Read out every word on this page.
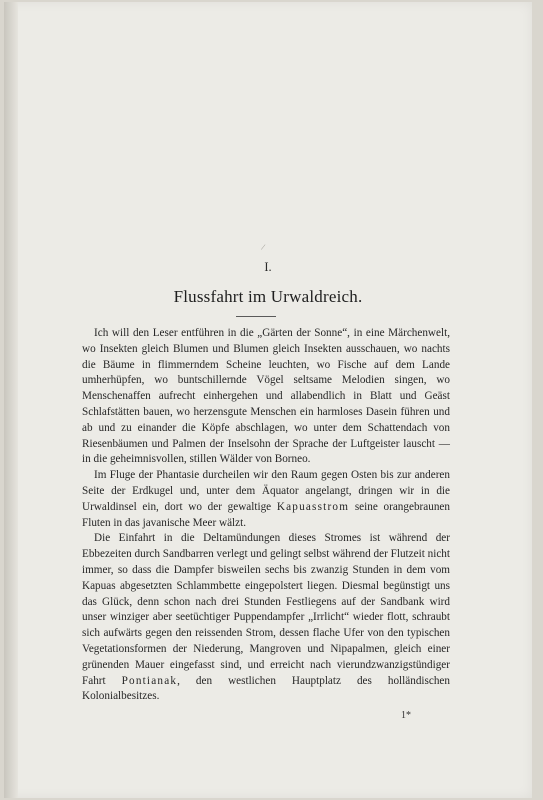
/
I.
Flussfahrt im Urwaldreich.

Ich will den Leser entführen in die „Gärten der Sonne“, in eine Märchenwelt, wo Insekten gleich Blumen und Blumen gleich Insekten ausschauen, wo nachts die Bäume in flimmerndem Scheine leuchten, wo Fische auf dem Lande umherhüpfen, wo buntschillernde Vögel seltsame Melodien singen, wo Menschenaffen aufrecht einhergehen und allabendlich in Blatt und Geäst Schlafstätten bauen, wo herzensgute Menschen ein harmloses Dasein führen und ab und zu einander die Köpfe abschlagen, wo unter dem Schattendach von Riesenbäumen und Palmen der Inselsohn der Sprache der Luftgeister lauscht — in die geheimnisvollen, stillen Wälder von Borneo.

Im Fluge der Phantasie durcheilen wir den Raum gegen Osten bis zur anderen Seite der Erdkugel und, unter dem Äquator angelangt, dringen wir in die Urwaldinsel ein, dort wo der gewaltige Kapuasstrom seine orangebraunen Fluten in das javanische Meer wälzt.

Die Einfahrt in die Deltamündungen dieses Stromes ist während der Ebbezeiten durch Sandbarren verlegt und gelingt selbst während der Flutzeit nicht immer, so dass die Dampfer bisweilen sechs bis zwanzig Stunden in dem vom Kapuas abgesetzten Schlammbette eingepolstert liegen. Diesmal begünstigt uns das Glück, denn schon nach drei Stunden Festliegens auf der Sandbank wird unser winziger aber seetüchtiger Puppendampfer „Irrlicht“ wieder flott, schraubt sich aufwärts gegen den reissenden Strom, dessen flache Ufer von den typischen Vegetationsformen der Niederung, Mangroven und Nipapalmen, gleich einer grünenden Mauer eingefasst sind, und erreicht nach vierundzwanzigstündiger Fahrt Pontianak, den westlichen Hauptplatz des holländischen Kolonialbesitzes.

1*
